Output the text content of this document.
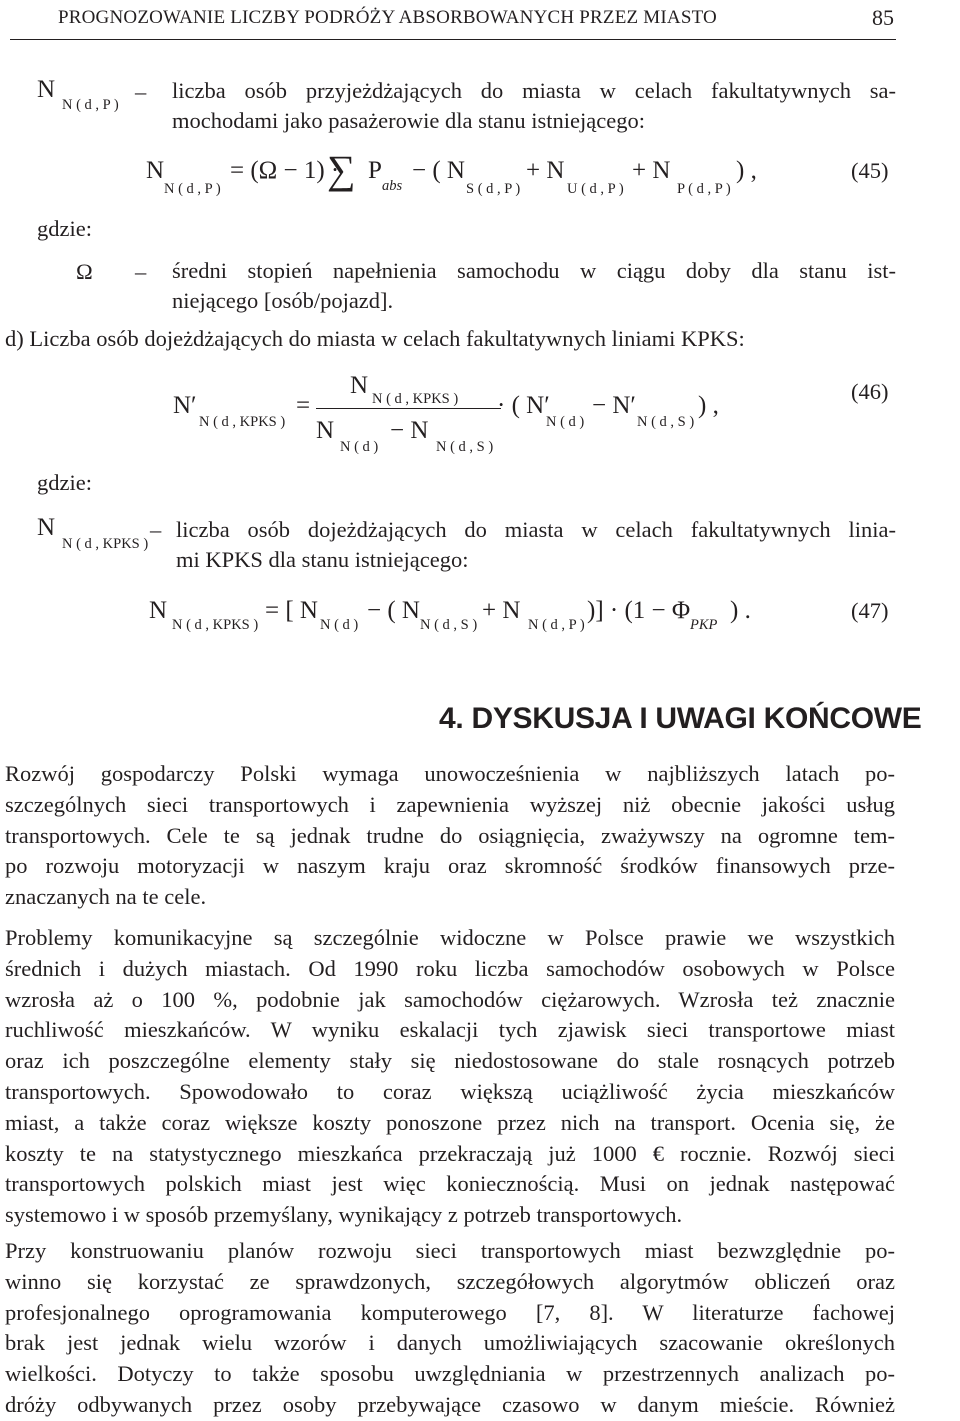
PROGNOZOWANIE LICZBY PODRÓŻY ABSORBOWANYCH PRZEZ MIASTO	85
N
N ( d , P )
– liczba osób przyjeżdżających do miasta w celach fakultatywnych sa-
mochodami jako pasażerowie dla stanu istniejącego:
N
N ( d , P )
= (Ω − 1) ·
∑ P
abs
− ( N
S ( d , P )
+ N
U ( d , P )
+ N
P ( d , P )
) ,	(45)
gdzie:
Ω – średni stopień napełnienia samochodu w ciągu doby dla stanu ist-
niejącego [osób/pojazd].
d) Liczba osób dojeżdżających do miasta w celach fakultatywnych liniami KPKS:
N′
N ( d , KPKS )
=
N N ( d , KPKS )
N
N ( d )
− N
N ( d , S )
· ( N′
N ( d )
− N′
N ( d , S )
) ,
(46)
gdzie:
N
N ( d , KPKS )
– liczba osób dojeżdżających do miasta w celach fakultatywnych linia-
mi KPKS dla stanu istniejącego:
N
N ( d , KPKS )
= [ N
N ( d )
− ( N
N ( d , S )
+ N
N ( d , P )
)] · (1 − Φ
PKP
) .	(47)
4. DYSKUSJA I UWAGI KOŃCOWE
Rozwój gospodarczy Polski wymaga unowocześnienia w najbliższych latach po-
szczególnych sieci transportowych i zapewnienia wyższej niż obecnie jakości usług
transportowych. Cele te są jednak trudne do osiągnięcia, zważywszy na ogromne tem-
po rozwoju motoryzacji w naszym kraju oraz skromność środków finansowych prze-
znaczanych na te cele.
Problemy komunikacyjne są szczególnie widoczne w Polsce prawie we wszystkich
średnich i dużych miastach. Od 1990 roku liczba samochodów osobowych w Polsce
wzrosła aż o 100 %, podobnie jak samochodów ciężarowych. Wzrosła też znacznie
ruchliwość mieszkańców. W wyniku eskalacji tych zjawisk sieci transportowe miast
oraz ich poszczególne elementy stały się niedostosowane do stale rosnących potrzeb
transportowych. Spowodowało to coraz większą uciążliwość życia mieszkańców
miast, a także coraz większe koszty ponoszone przez nich na transport. Ocenia się, że
koszty te na statystycznego mieszkańca przekraczają już 1000 € rocznie. Rozwój sieci
transportowych polskich miast jest więc koniecznością. Musi on jednak następować
systemowo i w sposób przemyślany, wynikający z potrzeb transportowych.
Przy konstruowaniu planów rozwoju sieci transportowych miast bezwzględnie po-
winno się korzystać ze sprawdzonych, szczegółowych algorytmów obliczeń oraz
profesjonalnego oprogramowania komputerowego [7, 8]. W literaturze fachowej
brak jest jednak wielu wzorów i danych umożliwiających szacowanie określonych
wielkości. Dotyczy to także sposobu uwzględniania w przestrzennych analizach po-
dróży odbywanych przez osoby przebywające czasowo w danym mieście. Również
